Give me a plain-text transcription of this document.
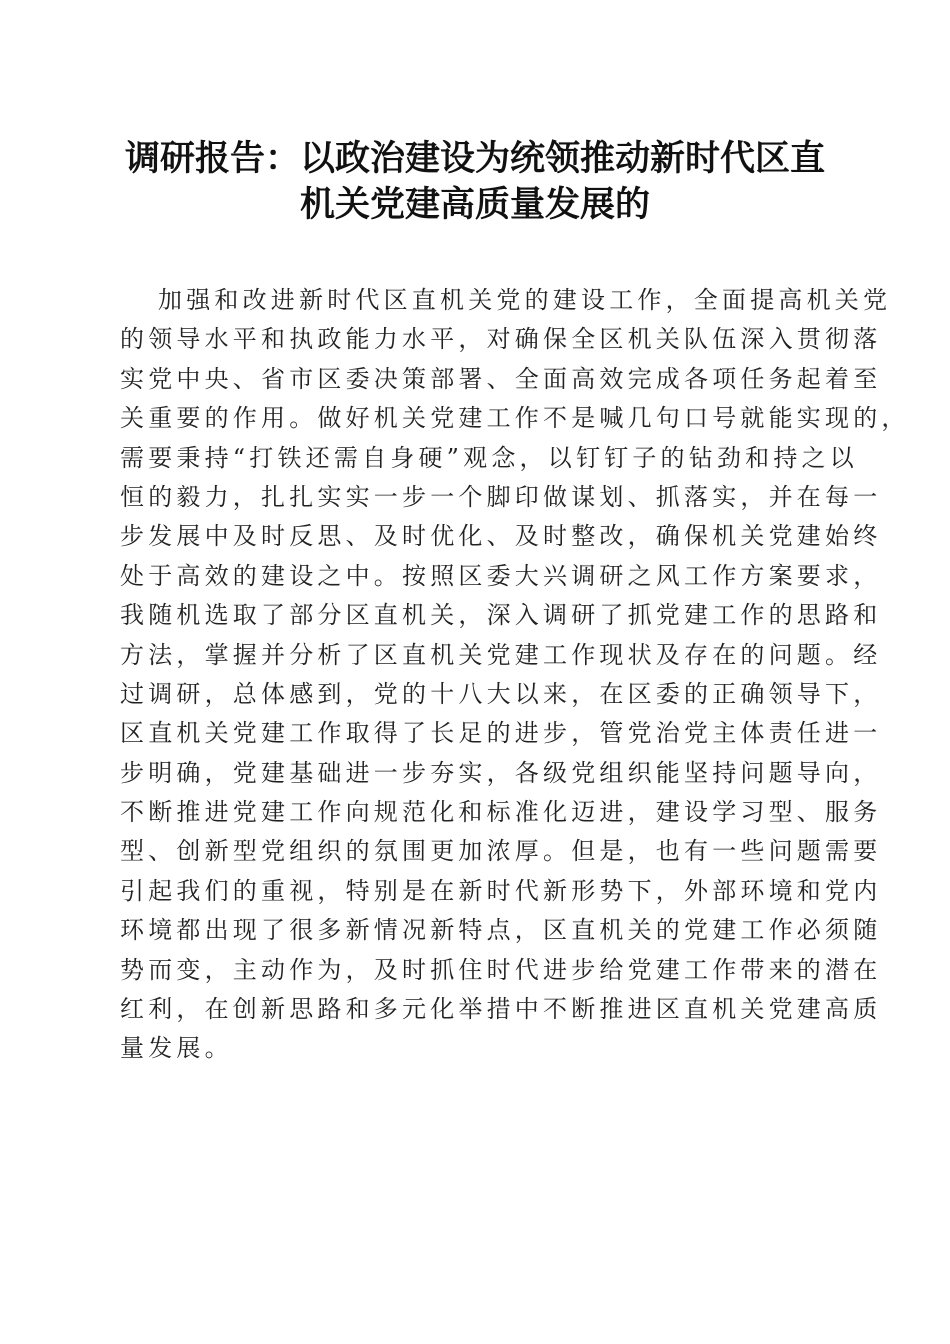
调研报告：以政治建设为统领推动新时代区直
机关党建高质量发展的
加强和改进新时代区直机关党的建设工作，全面提高机关党
的领导水平和执政能力水平，对确保全区机关队伍深入贯彻落
实党中央、省市区委决策部署、全面高效完成各项任务起着至
关重要的作用。做好机关党建工作不是喊几句口号就能实现的，
需要秉持“打铁还需自身硬”观念，以钉钉子的钻劲和持之以
恒的毅力，扎扎实实一步一个脚印做谋划、抓落实，并在每一
步发展中及时反思、及时优化、及时整改，确保机关党建始终
处于高效的建设之中。按照区委大兴调研之风工作方案要求，
我随机选取了部分区直机关，深入调研了抓党建工作的思路和
方法，掌握并分析了区直机关党建工作现状及存在的问题。经
过调研，总体感到，党的十八大以来，在区委的正确领导下，
区直机关党建工作取得了长足的进步，管党治党主体责任进一
步明确，党建基础进一步夯实，各级党组织能坚持问题导向，
不断推进党建工作向规范化和标准化迈进，建设学习型、服务
型、创新型党组织的氛围更加浓厚。但是，也有一些问题需要
引起我们的重视，特别是在新时代新形势下，外部环境和党内
环境都出现了很多新情况新特点，区直机关的党建工作必须随
势而变，主动作为，及时抓住时代进步给党建工作带来的潜在
红利，在创新思路和多元化举措中不断推进区直机关党建高质
量发展。
